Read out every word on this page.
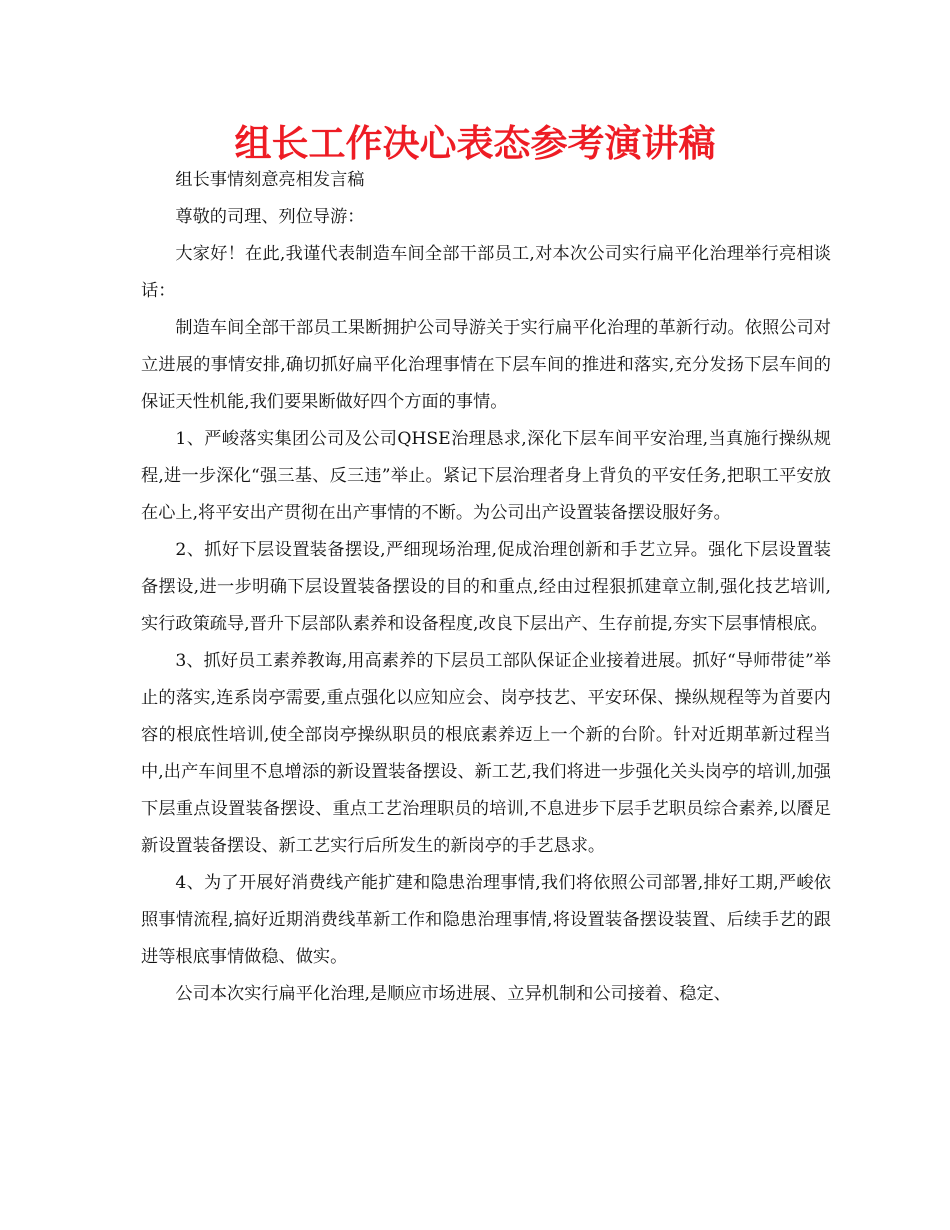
组长工作决心表态参考演讲稿

组长事情刻意亮相发言稿

尊敬的司理、列位导游：

大家好！在此,我谨代表制造车间全部干部员工,对本次公司实行扁平化治理举行亮相谈话：

制造车间全部干部员工果断拥护公司导游关于实行扁平化治理的革新行动。依照公司对立进展的事情安排,确切抓好扁平化治理事情在下层车间的推进和落实,充分发扬下层车间的保证天性机能,我们要果断做好四个方面的事情。

1、严峻落实集团公司及公司QHSE治理恳求,深化下层车间平安治理,当真施行操纵规程,进一步深化“强三基、反三违”举止。紧记下层治理者身上背负的平安任务,把职工平安放在心上,将平安出产贯彻在出产事情的不断。为公司出产设置装备摆设服好务。

2、抓好下层设置装备摆设,严细现场治理,促成治理创新和手艺立异。强化下层设置装备摆设,进一步明确下层设置装备摆设的目的和重点,经由过程狠抓建章立制,强化技艺培训,实行政策疏导,晋升下层部队素养和设备程度,改良下层出产、生存前提,夯实下层事情根底。

3、抓好员工素养教诲,用高素养的下层员工部队保证企业接着进展。抓好“导师带徒”举止的落实,连系岗亭需要,重点强化以应知应会、岗亭技艺、平安环保、操纵规程等为首要内容的根底性培训,使全部岗亭操纵职员的根底素养迈上一个新的台阶。针对近期革新过程当中,出产车间里不息增添的新设置装备摆设、新工艺,我们将进一步强化关头岗亭的培训,加强下层重点设置装备摆设、重点工艺治理职员的培训,不息进步下层手艺职员综合素养,以餍足新设置装备摆设、新工艺实行后所发生的新岗亭的手艺恳求。

4、为了开展好消费线产能扩建和隐患治理事情,我们将依照公司部署,排好工期,严峻依照事情流程,搞好近期消费线革新工作和隐患治理事情,将设置装备摆设装置、后续手艺的跟进等根底事情做稳、做实。

公司本次实行扁平化治理,是顺应市场进展、立异机制和公司接着、稳定、
